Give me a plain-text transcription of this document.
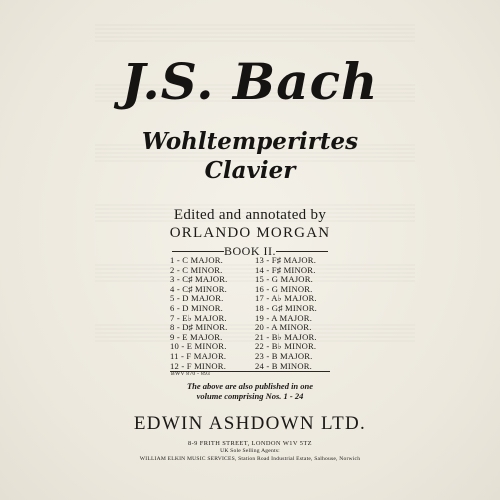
J.S. Bach
Wohltemperirtes
Clavier
Edited and annotated by
ORLANDO MORGAN
BOOK II.
1 - C MAJOR.
2 - C MINOR.
3 - C♯ MAJOR.
4 - C♯ MINOR.
5 - D MAJOR.
6 - D MINOR.
7 - E♭ MAJOR.
8 - D♯ MINOR.
9 - E MAJOR.
10 - E MINOR.
11 - F MAJOR.
12 - F MINOR.
13 - F♯ MAJOR.
14 - F♯ MINOR.
15 - G MAJOR.
16 - G MINOR.
17 - A♭ MAJOR.
18 - G♯ MINOR.
19 - A MAJOR.
20 - A MINOR.
21 - B♭ MAJOR.
22 - B♭ MINOR.
23 - B MAJOR.
24 - B MINOR.
BWV 870 - 893
The above are also published in one
volume comprising Nos. 1 - 24
EDWIN ASHDOWN LTD.
8-9 FRITH STREET, LONDON W1V 5TZ
UK Sole Selling Agents:
WILLIAM ELKIN MUSIC SERVICES, Station Road Industrial Estate, Salhouse, Norwich
